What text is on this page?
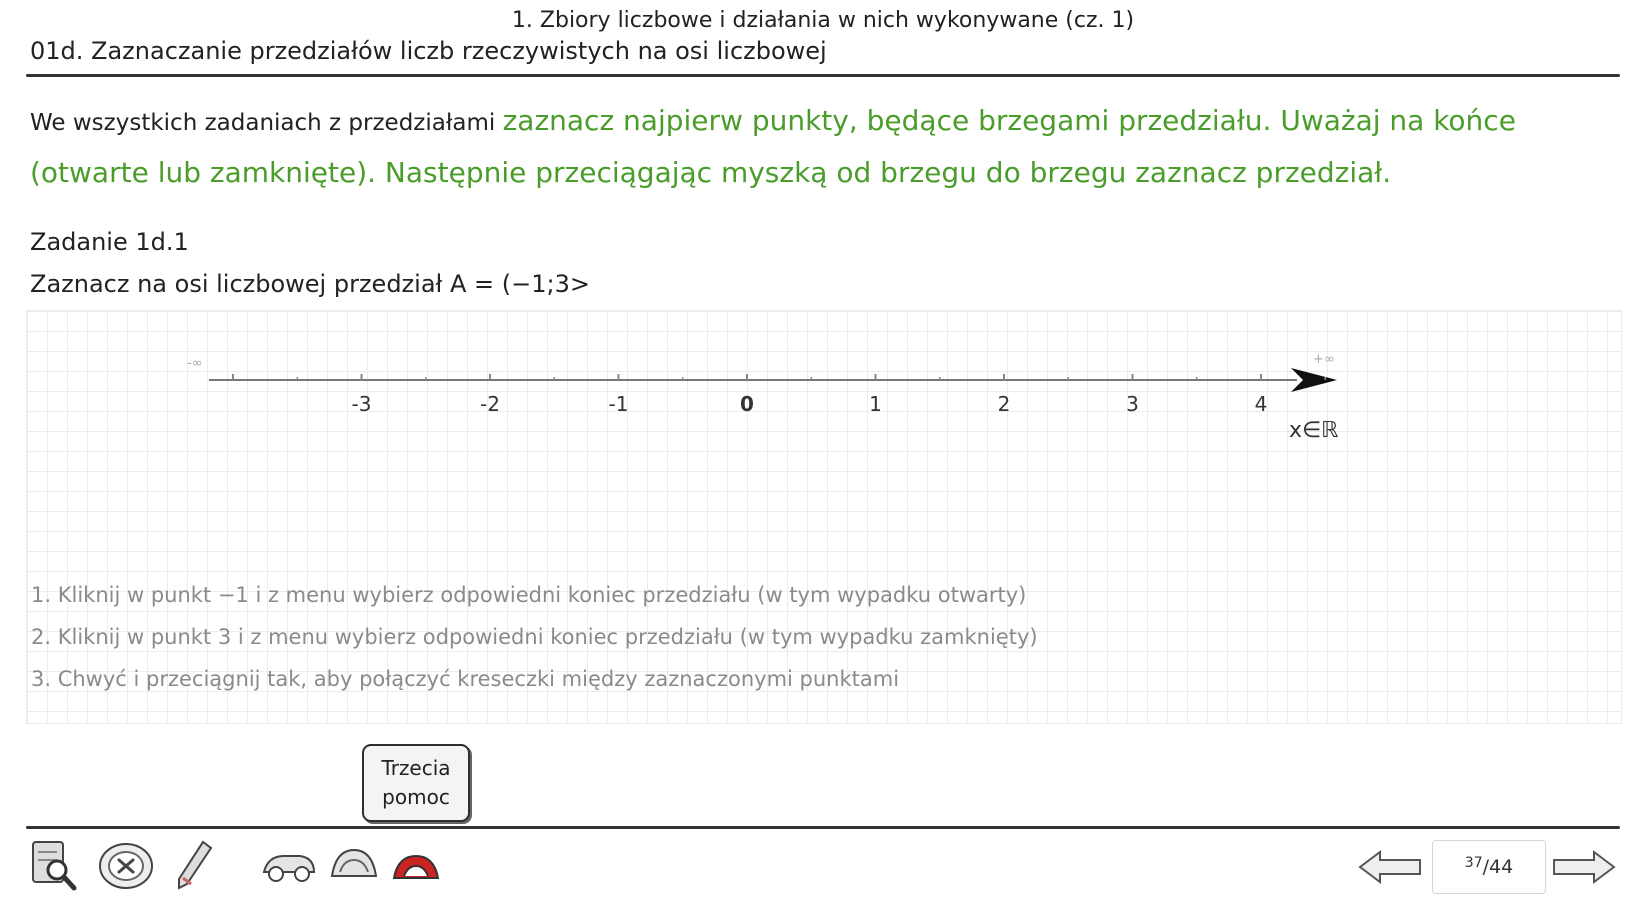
1. Zbiory liczbowe i działania w nich wykonywane (cz. 1)
01d. Zaznaczanie przedziałów liczb rzeczywistych na osi liczbowej
We wszystkich zadaniach z przedziałami zaznacz najpierw punkty, będące brzegami przedziału. Uważaj na końce (otwarte lub zamknięte). Następnie przeciągając myszką od brzegu do brzegu zaznacz przedział.
Zadanie 1d.1
Zaznacz na osi liczbowej przedział A = (−1;3>
-∞	+∞
x∈ℝ
-3	-2	-1	0	1	2	3	4
1. Kliknij w punkt −1 i z menu wybierz odpowiedni koniec przedziału (w tym wypadku otwarty)
2. Kliknij w punkt 3 i z menu wybierz odpowiedni koniec przedziału (w tym wypadku zamknięty)
3. Chwyć i przeciągnij tak, aby połączyć kreseczki między zaznaczonymi punktami
Trzecia
pomoc
$^{37}$ /44
